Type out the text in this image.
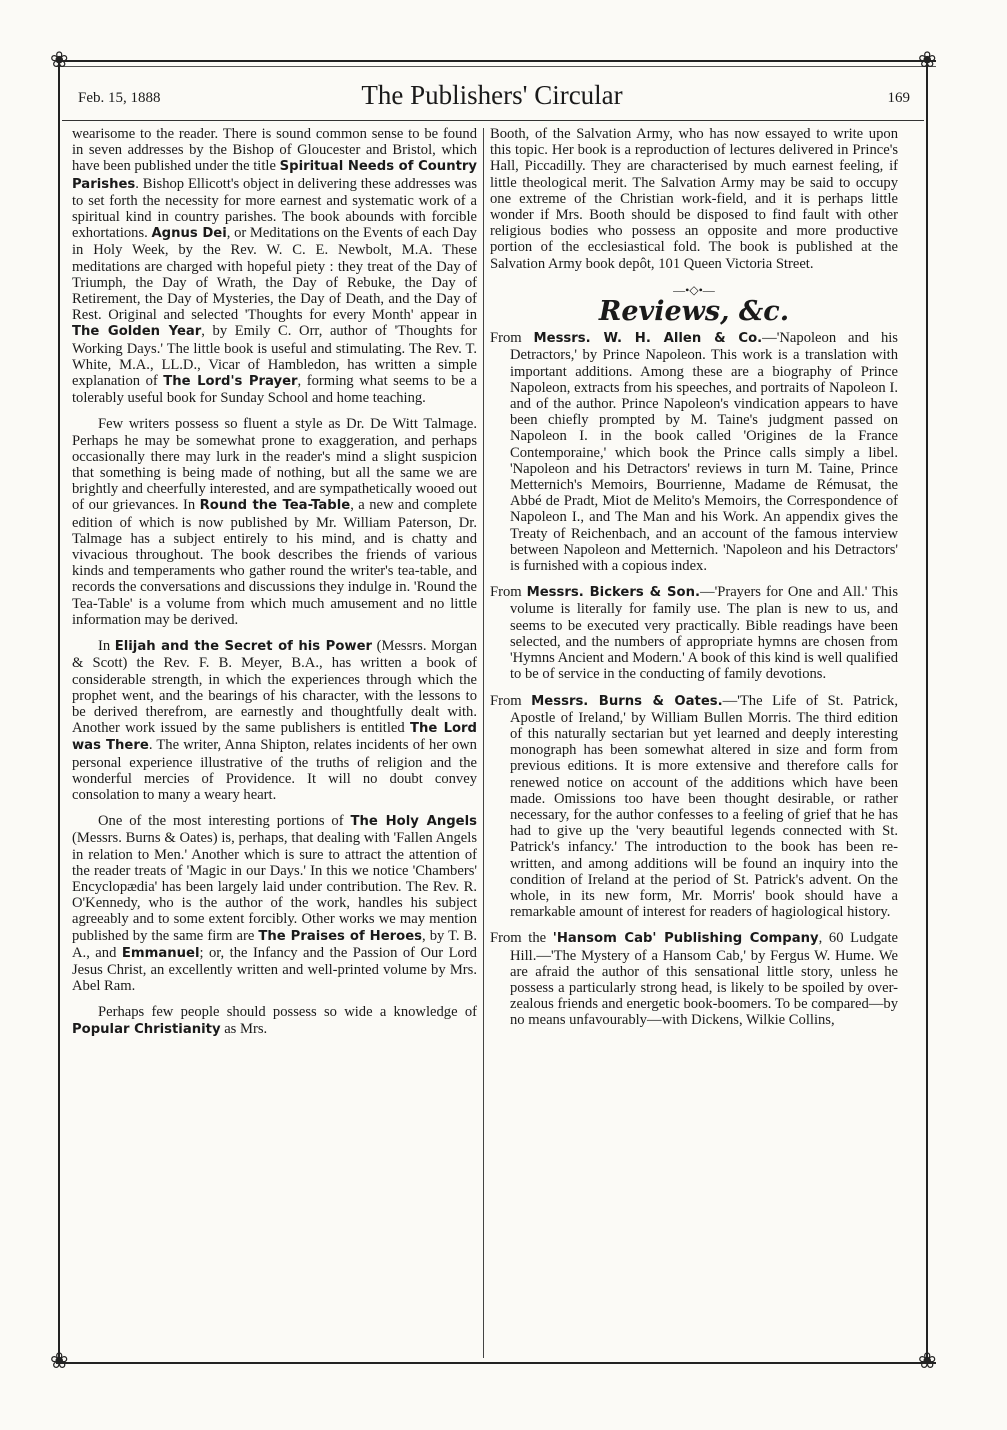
❀	❀
❀	❀
The Publishers' Circular
Feb. 15, 1888	169

wearisome to the reader. There is sound common sense to be found in seven addresses by the Bishop of Gloucester and Bristol, which have been published under the title Spiritual Needs of Country Parishes. Bishop Ellicott's object in delivering these addresses was to set forth the necessity for more earnest and systematic work of a spiritual kind in country parishes. The book abounds with forcible exhortations. Agnus Dei, or Meditations on the Events of each Day in Holy Week, by the Rev. W. C. E. Newbolt, M.A. These meditations are charged with hopeful piety : they treat of the Day of Triumph, the Day of Wrath, the Day of Rebuke, the Day of Retirement, the Day of Mysteries, the Day of Death, and the Day of Rest. Original and selected 'Thoughts for every Month' appear in The Golden Year, by Emily C. Orr, author of 'Thoughts for Working Days.' The little book is useful and stimulating. The Rev. T. White, M.A., LL.D., Vicar of Hambledon, has written a simple explanation of The Lord's Prayer, forming what seems to be a tolerably useful book for Sunday School and home teaching.

Few writers possess so fluent a style as Dr. De Witt Talmage. Perhaps he may be somewhat prone to exaggeration, and perhaps occasionally there may lurk in the reader's mind a slight suspicion that something is being made of nothing, but all the same we are brightly and cheerfully interested, and are sympathetically wooed out of our grievances. In Round the Tea-Table, a new and complete edition of which is now published by Mr. William Paterson, Dr. Talmage has a subject entirely to his mind, and is chatty and vivacious throughout. The book describes the friends of various kinds and temperaments who gather round the writer's tea-table, and records the conversations and discussions they indulge in. 'Round the Tea-Table' is a volume from which much amusement and no little information may be derived.

In Elijah and the Secret of his Power (Messrs. Morgan & Scott) the Rev. F. B. Meyer, B.A., has written a book of considerable strength, in which the experiences through which the prophet went, and the bearings of his character, with the lessons to be derived therefrom, are earnestly and thoughtfully dealt with. Another work issued by the same publishers is entitled The Lord was There. The writer, Anna Shipton, relates incidents of her own personal experience illustrative of the truths of religion and the wonderful mercies of Providence. It will no doubt convey consolation to many a weary heart.

One of the most interesting portions of The Holy Angels (Messrs. Burns & Oates) is, perhaps, that dealing with 'Fallen Angels in relation to Men.' Another which is sure to attract the attention of the reader treats of 'Magic in our Days.' In this we notice 'Chambers' Encyclopædia' has been largely laid under contribution. The Rev. R. O'Kennedy, who is the author of the work, handles his subject agreeably and to some extent forcibly. Other works we may mention published by the same firm are The Praises of Heroes, by T. B. A., and Emmanuel; or, the Infancy and the Passion of Our Lord Jesus Christ, an excellently written and well-printed volume by Mrs. Abel Ram.

Perhaps few people should possess so wide a knowledge of Popular Christianity as Mrs.

Booth, of the Salvation Army, who has now essayed to write upon this topic. Her book is a reproduction of lectures delivered in Prince's Hall, Piccadilly. They are characterised by much earnest feeling, if little theological merit. The Salvation Army may be said to occupy one extreme of the Christian work-field, and it is perhaps little wonder if Mrs. Booth should be disposed to find fault with other religious bodies who possess an opposite and more productive portion of the ecclesiastical fold. The book is published at the Salvation Army book depôt, 101 Queen Victoria Street.

—•◇•—
Reviews, &c.

From Messrs. W. H. Allen & Co.—'Napoleon and his Detractors,' by Prince Napoleon. This work is a translation with important additions. Among these are a biography of Prince Napoleon, extracts from his speeches, and portraits of Napoleon I. and of the author. Prince Napoleon's vindication appears to have been chiefly prompted by M. Taine's judgment passed on Napoleon I. in the book called 'Origines de la France Contemporaine,' which book the Prince calls simply a libel. 'Napoleon and his Detractors' reviews in turn M. Taine, Prince Metternich's Memoirs, Bourrienne, Madame de Rémusat, the Abbé de Pradt, Miot de Melito's Memoirs, the Correspondence of Napoleon I., and The Man and his Work. An appendix gives the Treaty of Reichenbach, and an account of the famous interview between Napoleon and Metternich. 'Napoleon and his Detractors' is furnished with a copious index.

From Messrs. Bickers & Son.—'Prayers for One and All.' This volume is literally for family use. The plan is new to us, and seems to be executed very practically. Bible readings have been selected, and the numbers of appropriate hymns are chosen from 'Hymns Ancient and Modern.' A book of this kind is well qualified to be of service in the conducting of family devotions.

From Messrs. Burns & Oates.—'The Life of St. Patrick, Apostle of Ireland,' by William Bullen Morris. The third edition of this naturally sectarian but yet learned and deeply interesting monograph has been somewhat altered in size and form from previous editions. It is more extensive and therefore calls for renewed notice on account of the additions which have been made. Omissions too have been thought desirable, or rather necessary, for the author confesses to a feeling of grief that he has had to give up the 'very beautiful legends connected with St. Patrick's infancy.' The introduction to the book has been re-written, and among additions will be found an inquiry into the condition of Ireland at the period of St. Patrick's advent. On the whole, in its new form, Mr. Morris' book should have a remarkable amount of interest for readers of hagiological history.

From the 'Hansom Cab' Publishing Company, 60 Ludgate Hill.—'The Mystery of a Hansom Cab,' by Fergus W. Hume. We are afraid the author of this sensational little story, unless he possess a particularly strong head, is likely to be spoiled by over-zealous friends and energetic book-boomers. To be compared—by no means unfavourably—with Dickens, Wilkie Collins,
